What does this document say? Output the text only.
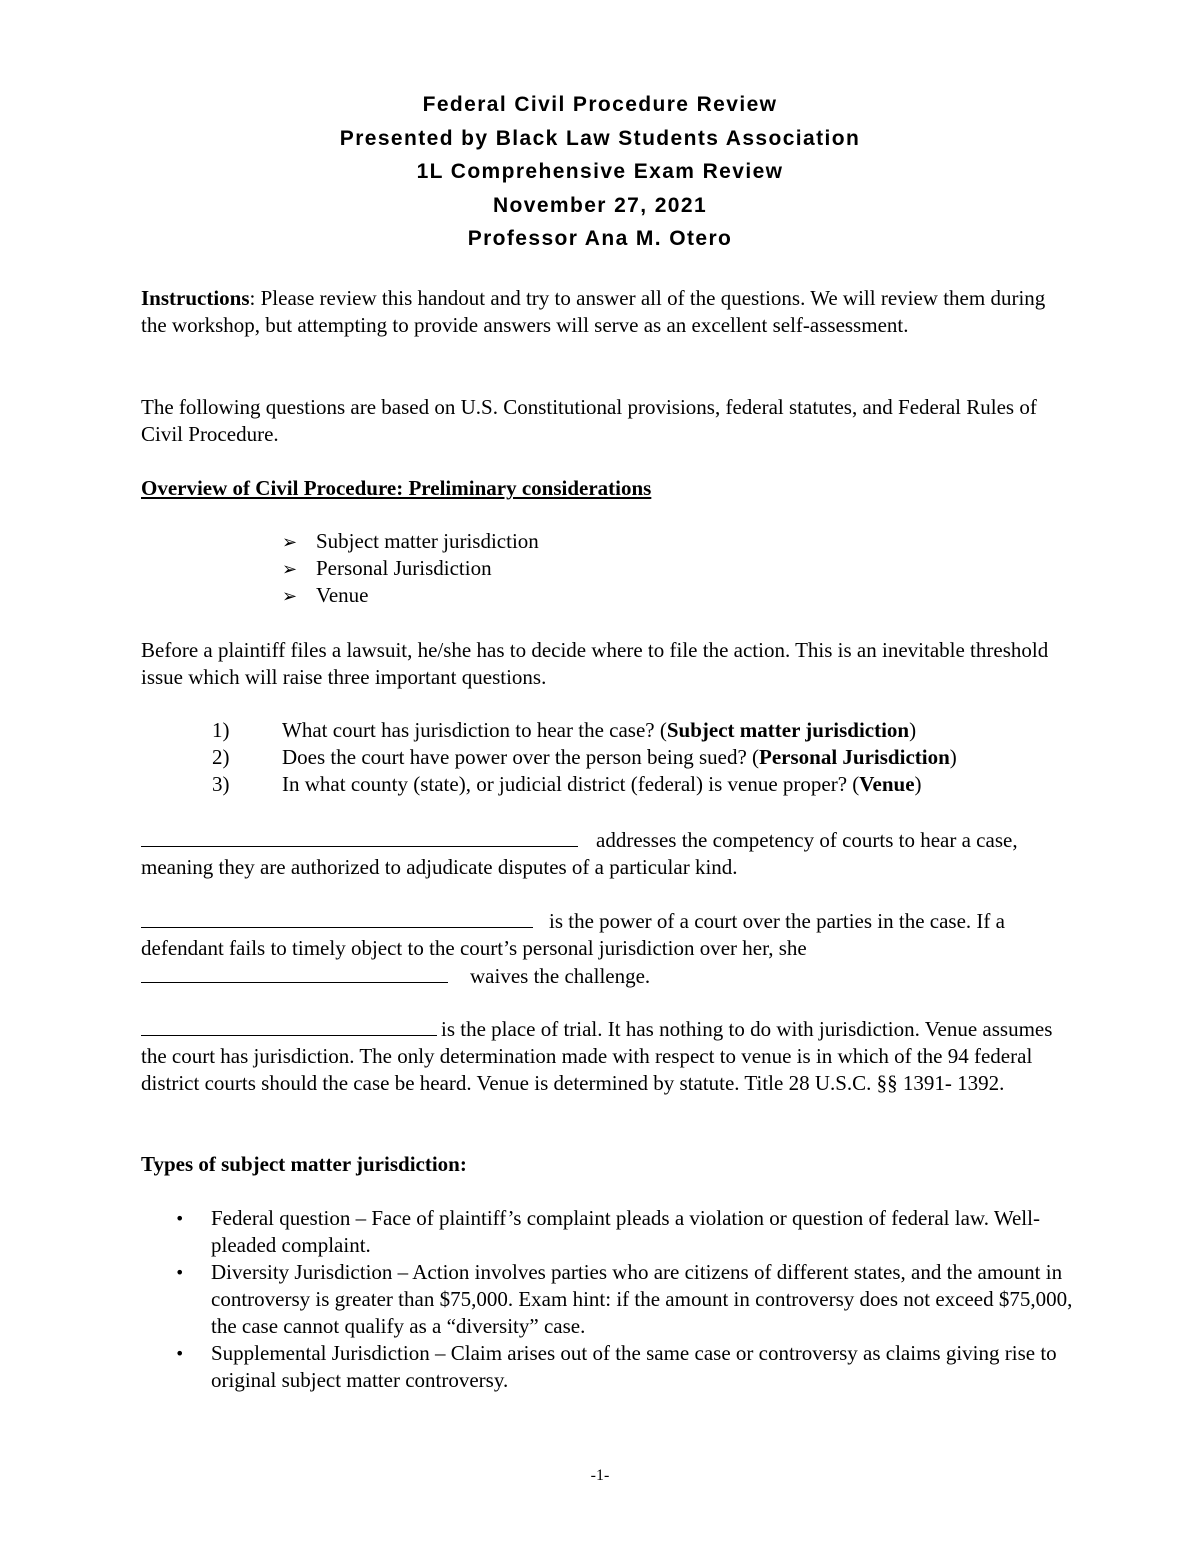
Federal Civil Procedure Review
Presented by Black Law Students Association
1L Comprehensive Exam Review
November 27, 2021
Professor Ana M. Otero

Instructions: Please review this handout and try to answer all of the questions. We will review them during the workshop, but attempting to provide answers will serve as an excellent self-assessment.

The following questions are based on U.S. Constitutional provisions, federal statutes, and Federal Rules of Civil Procedure.

Overview of Civil Procedure: Preliminary considerations

➢ Subject matter jurisdiction
➢ Personal Jurisdiction
➢ Venue

Before a plaintiff files a lawsuit, he/she has to decide where to file the action. This is an inevitable threshold issue which will raise three important questions.

1)	What court has jurisdiction to hear the case? (Subject matter jurisdiction)
2)	Does the court have power over the person being sued? (Personal Jurisdiction)
3)	In what county (state), or judicial district (federal) is venue proper? (Venue)

addresses the competency of courts to hear a case, meaning they are authorized to adjudicate disputes of a particular kind.

is the power of a court over the parties in the case. If a defendant fails to timely object to the court’s personal jurisdiction over her, she
waives the challenge.

is the place of trial. It has nothing to do with jurisdiction. Venue assumes the court has jurisdiction. The only determination made with respect to venue is in which of the 94 federal district courts should the case be heard. Venue is determined by statute. Title 28 U.S.C. §§ 1391- 1392.

Types of subject matter jurisdiction:

• Federal question – Face of plaintiff’s complaint pleads a violation or question of federal law. Well-pleaded complaint.
• Diversity Jurisdiction – Action involves parties who are citizens of different states, and the amount in controversy is greater than $75,000. Exam hint: if the amount in controversy does not exceed $75,000, the case cannot qualify as a “diversity” case.
• Supplemental Jurisdiction – Claim arises out of the same case or controversy as claims giving rise to original subject matter controversy.
-1-
